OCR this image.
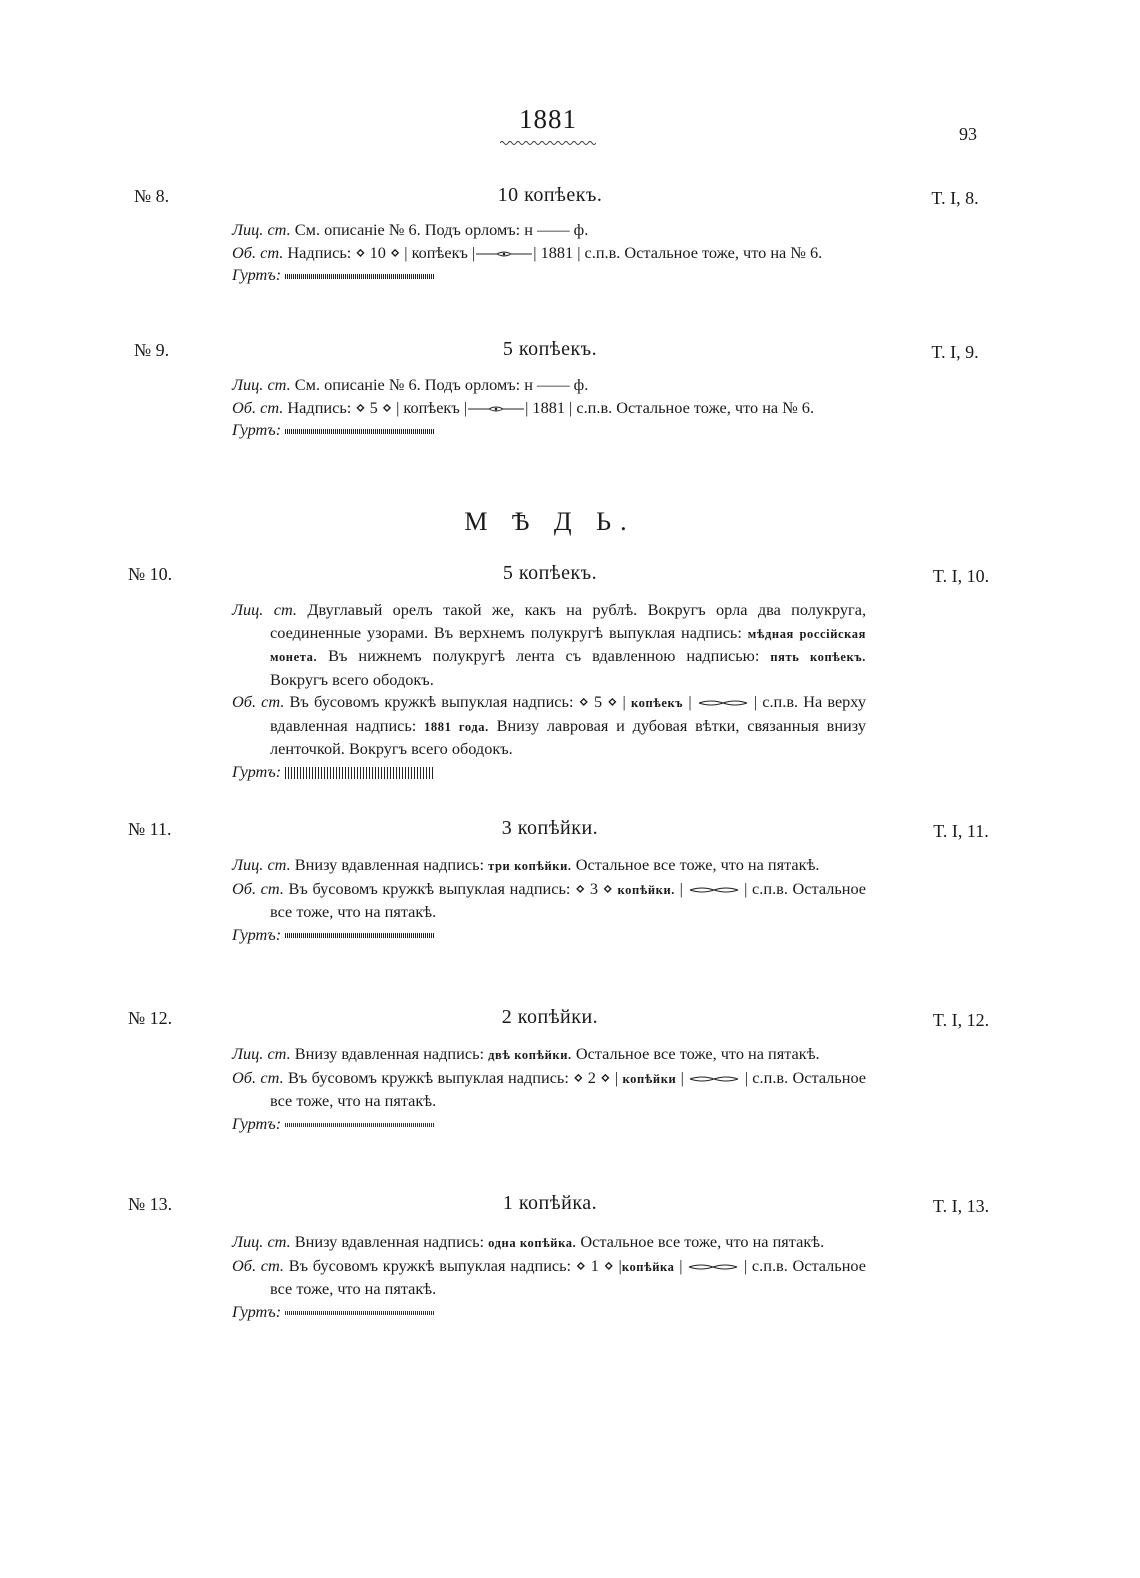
1881	93
№ 8.	10 копѣекъ.	T. I, 8.

Лиц. ст. См. описаніе № 6. Подъ орломъ: н —— ф.

Об. ст. Надпись: ⋄ 10 ⋄ | копѣекъ |	| 1881 | с.п.в. Остальное тоже, что на № 6.

Гуртъ:

№ 9.	5 копѣекъ.	T. I, 9.

Лиц. ст. См. описаніе № 6. Подъ орломъ: н —— ф.

Об. ст. Надпись: ⋄ 5 ⋄ | копѣекъ |	| 1881 | с.п.в. Остальное тоже, что на № 6.

Гуртъ:

М Ѣ Д Ь.
№ 10.	5 копѣекъ.	T. I, 10.

Лиц. ст. Двуглавый орелъ такой же, какъ на рублѣ. Вокругъ орла два полукруга, соединенные узорами. Въ верхнемъ полукругѣ выпуклая надпись: мѣдная россiйская монета. Въ нижнемъ полукругѣ лента съ вдавленною надписью: пять копѣекъ. Вокругъ всего ободокъ.

Об. ст. Въ бусовомъ кружкѣ выпуклая надпись: ⋄ 5 ⋄ | копѣекъ |	| с.п.в. На верху вдавленная надпись: 1881 года. Внизу лавровая и дубовая вѣтки, связанныя внизу ленточкой. Вокругъ всего ободокъ.

Гуртъ:

№ 11.	3 копѣйки.	T. I, 11.

Лиц. ст. Внизу вдавленная надпись: три копѣйки. Остальное все тоже, что на пятакѣ.

Об. ст. Въ бусовомъ кружкѣ выпуклая надпись: ⋄ 3 ⋄ копѣйки. |	| с.п.в. Остальное все тоже, что на пятакѣ.

Гуртъ:

№ 12.	2 копѣйки.	T. I, 12.

Лиц. ст. Внизу вдавленная надпись: двѣ копѣйки. Остальное все тоже, что на пятакѣ.

Об. ст. Въ бусовомъ кружкѣ выпуклая надпись: ⋄ 2 ⋄ | копѣйки |	| с.п.в. Остальное все тоже, что на пятакѣ.

Гуртъ:

№ 13.	1 копѣйка.	T. I, 13.

Лиц. ст. Внизу вдавленная надпись: одна копѣйка. Остальное все тоже, что на пятакѣ.

Об. ст. Въ бусовомъ кружкѣ выпуклая надпись: ⋄ 1 ⋄ |копѣйка |	| с.п.в. Остальное все тоже, что на пятакѣ.

Гуртъ:
